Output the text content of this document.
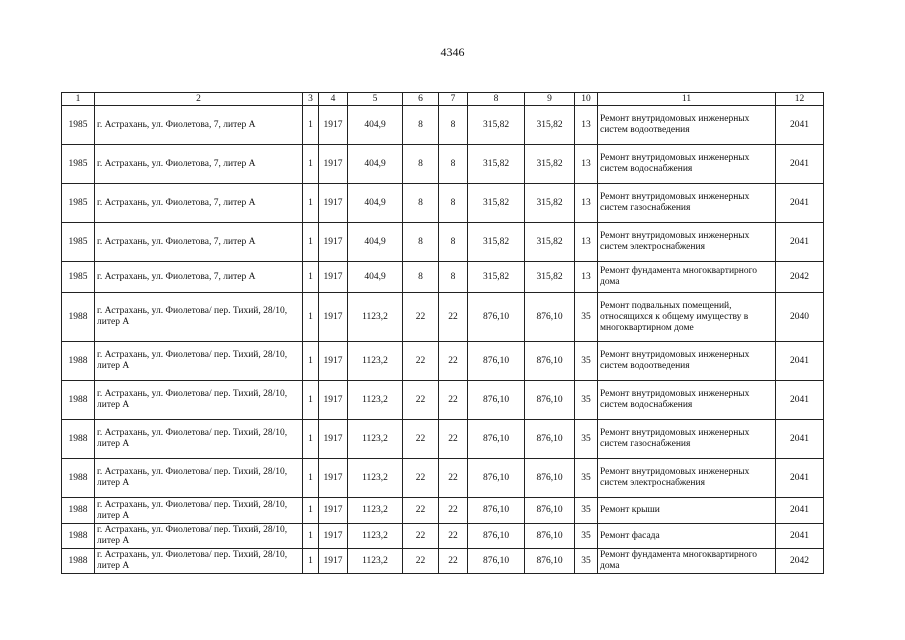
4346
1	2	3	4	5	6	7	8	9	10	11	12
1985	г. Астрахань, ул. Фиолетова, 7, литер А	1	1917	404,9	8	8	315,82	315,82	13	Ремонт внутридомовых инженерных систем водоотведения	2041
1985	г. Астрахань, ул. Фиолетова, 7, литер А	1	1917	404,9	8	8	315,82	315,82	13	Ремонт внутридомовых инженерных систем водоснабжения	2041
1985	г. Астрахань, ул. Фиолетова, 7, литер А	1	1917	404,9	8	8	315,82	315,82	13	Ремонт внутридомовых инженерных систем газоснабжения	2041
1985	г. Астрахань, ул. Фиолетова, 7, литер А	1	1917	404,9	8	8	315,82	315,82	13	Ремонт внутридомовых инженерных систем электроснабжения	2041
1985	г. Астрахань, ул. Фиолетова, 7, литер А	1	1917	404,9	8	8	315,82	315,82	13	Ремонт фундамента многоквартирного дома	2042
1988	г. Астрахань, ул. Фиолетова/ пер. Тихий, 28/10, литер А	1	1917	1123,2	22	22	876,10	876,10	35	Ремонт подвальных помещений, относящихся к общему имуществу в многоквартирном доме	2040
1988	г. Астрахань, ул. Фиолетова/ пер. Тихий, 28/10, литер А	1	1917	1123,2	22	22	876,10	876,10	35	Ремонт внутридомовых инженерных систем водоотведения	2041
1988	г. Астрахань, ул. Фиолетова/ пер. Тихий, 28/10, литер А	1	1917	1123,2	22	22	876,10	876,10	35	Ремонт внутридомовых инженерных систем водоснабжения	2041
1988	г. Астрахань, ул. Фиолетова/ пер. Тихий, 28/10, литер А	1	1917	1123,2	22	22	876,10	876,10	35	Ремонт внутридомовых инженерных систем газоснабжения	2041
1988	г. Астрахань, ул. Фиолетова/ пер. Тихий, 28/10, литер А	1	1917	1123,2	22	22	876,10	876,10	35	Ремонт внутридомовых инженерных систем электроснабжения	2041
1988	г. Астрахань, ул. Фиолетова/ пер. Тихий, 28/10, литер А	1	1917	1123,2	22	22	876,10	876,10	35	Ремонт крыши	2041
1988	г. Астрахань, ул. Фиолетова/ пер. Тихий, 28/10, литер А	1	1917	1123,2	22	22	876,10	876,10	35	Ремонт фасада	2041
1988	г. Астрахань, ул. Фиолетова/ пер. Тихий, 28/10, литер А	1	1917	1123,2	22	22	876,10	876,10	35	Ремонт фундамента многоквартирного дома	2042
